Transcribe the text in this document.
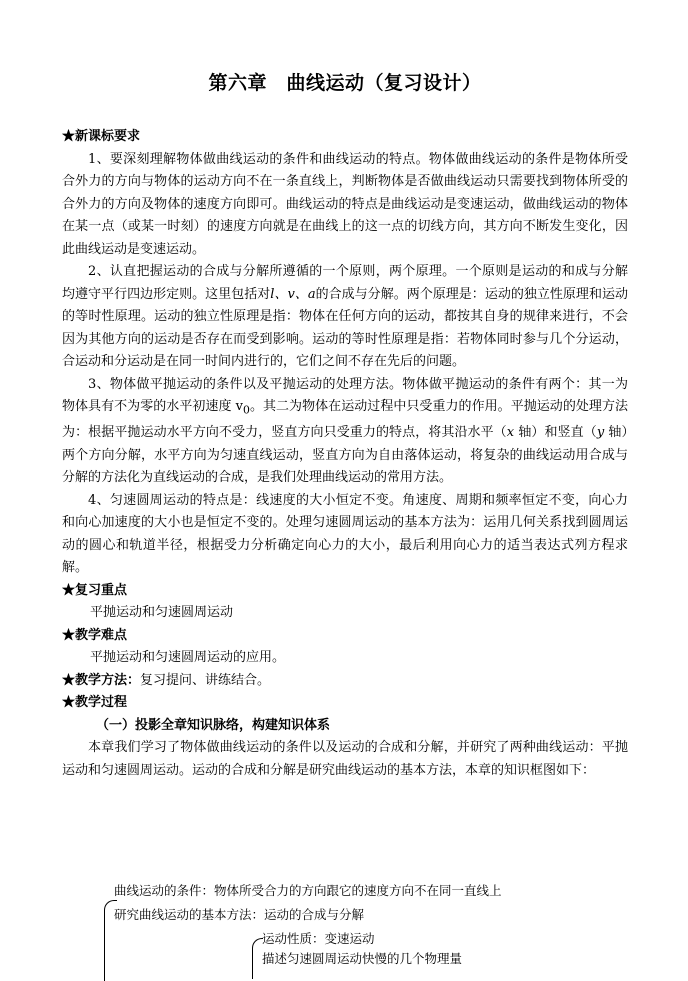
第六章　曲线运动（复习设计）

★新课标要求

1、要深刻理解物体做曲线运动的条件和曲线运动的特点。物体做曲线运动的条件是物体所受合外力的方向与物体的运动方向不在一条直线上，判断物体是否做曲线运动只需要找到物体所受的合外力的方向及物体的速度方向即可。曲线运动的特点是曲线运动是变速运动，做曲线运动的物体在某一点（或某一时刻）的速度方向就是在曲线上的这一点的切线方向，其方向不断发生变化，因此曲线运动是变速运动。

2、认直把握运动的合成与分解所遵循的一个原则，两个原理。一个原则是运动的和成与分解均遵守平行四边形定则。这里包括对l、v、a的合成与分解。两个原理是：运动的独立性原理和运动的等时性原理。运动的独立性原理是指：物体在任何方向的运动，都按其自身的规律来进行，不会因为其他方向的运动是否存在而受到影响。运动的等时性原理是指：若物体同时参与几个分运动，合运动和分运动是在同一时间内进行的，它们之间不存在先后的问题。

3、物体做平抛运动的条件以及平抛运动的处理方法。物体做平抛运动的条件有两个：其一为物体具有不为零的水平初速度 $v_0$。其二为物体在运动过程中只受重力的作用。平抛运动的处理方法为：根据平抛运动水平方向不受力，竖直方向只受重力的特点，将其沿水平（x 轴）和竖直（y 轴）两个方向分解，水平方向为匀速直线运动，竖直方向为自由落体运动，将复杂的曲线运动用合成与分解的方法化为直线运动的合成，是我们处理曲线运动的常用方法。

4、匀速圆周运动的特点是：线速度的大小恒定不变。角速度、周期和频率恒定不变，向心力和向心加速度的大小也是恒定不变的。处理匀速圆周运动的基本方法为：运用几何关系找到圆周运动的圆心和轨道半径，根据受力分析确定向心力的大小，最后利用向心力的适当表达式列方程求解。

★复习重点

平抛运动和匀速圆周运动

★教学难点

平抛运动和匀速圆周运动的应用。

★教学方法：复习提问、讲练结合。

★教学过程

（一）投影全章知识脉络，构建知识体系

本章我们学习了物体做曲线运动的条件以及运动的合成和分解，并研究了两种曲线运动：平抛运动和匀速圆周运动。运动的合成和分解是研究曲线运动的基本方法，本章的知识框图如下：

曲线运动的条件：物体所受合力的方向跟它的速度方向不在同一直线上
研究曲线运动的基本方法：运动的合成与分解
运动性质：变速运动
描述匀速圆周运动快慢的几个物理量
